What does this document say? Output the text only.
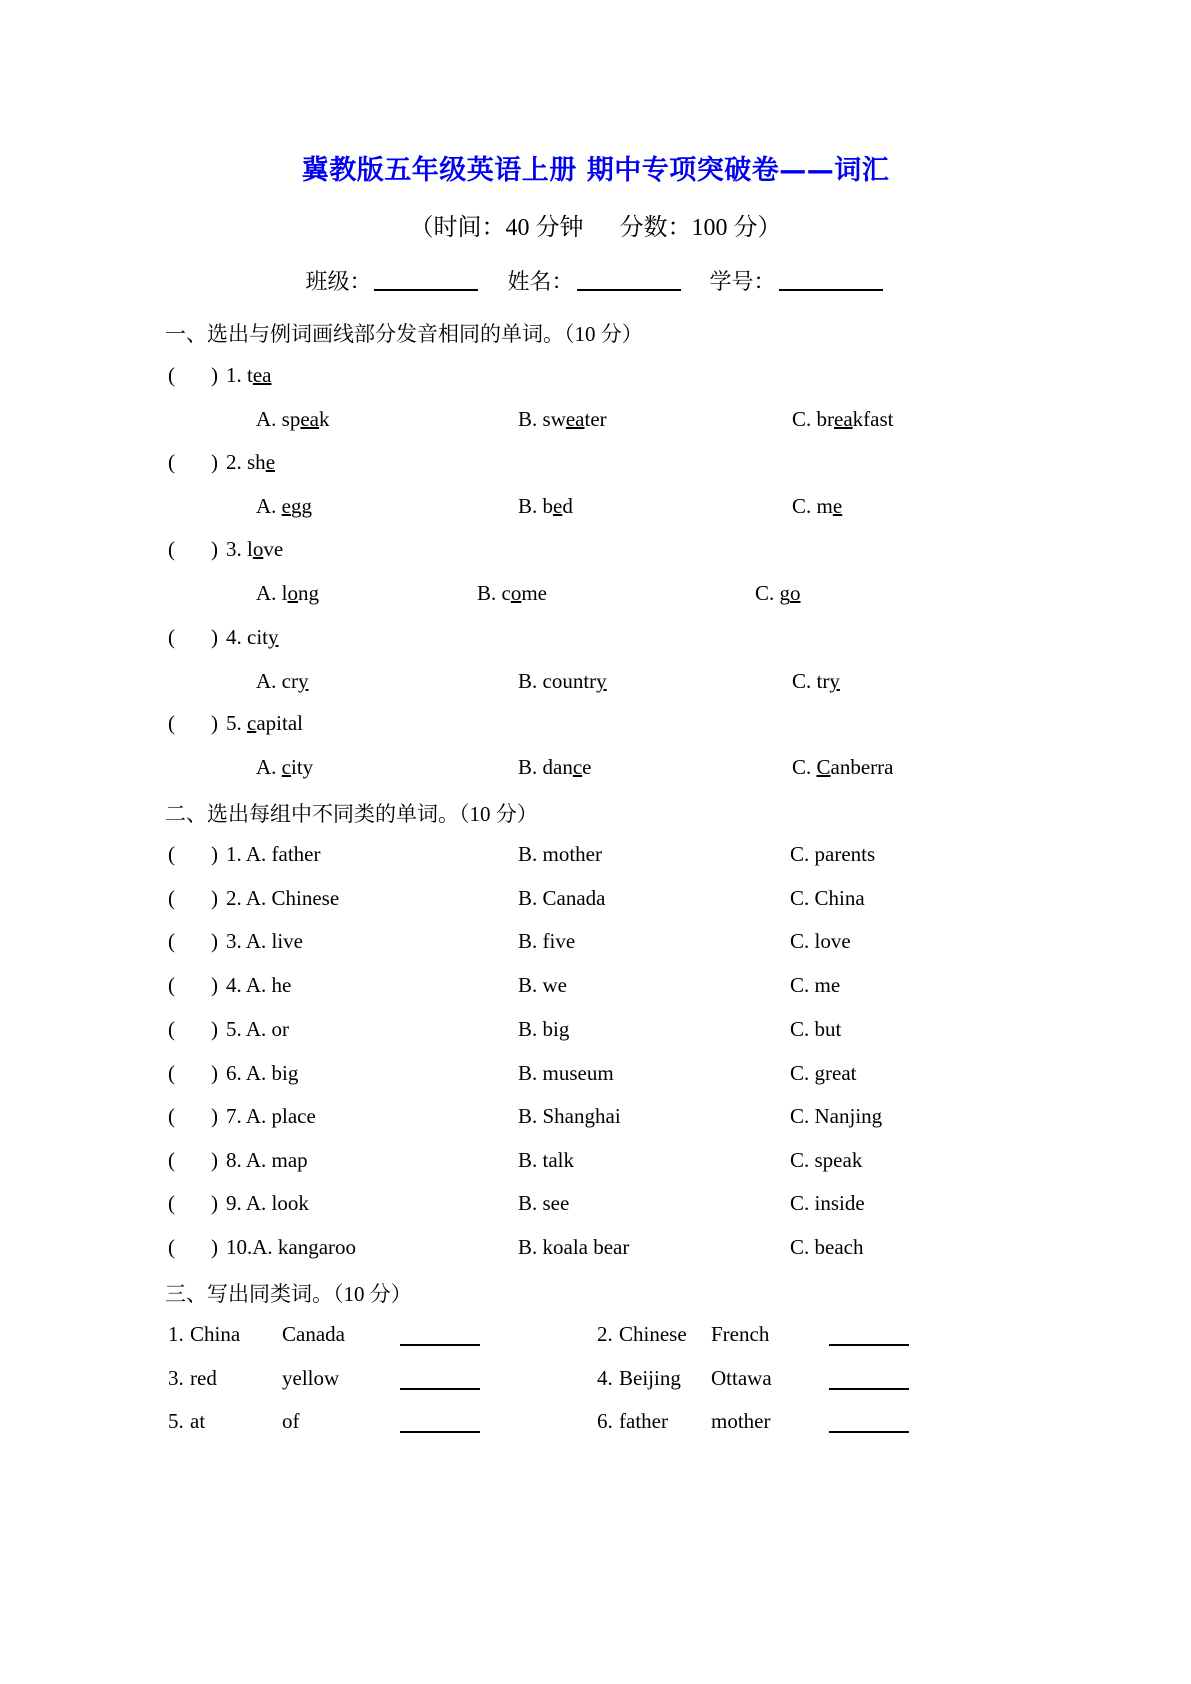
冀教版五年级英语上册 期中专项突破卷——词汇
（时间：40 分钟 分数：100 分）
班级：	姓名：	学号：
一、选出与例词画线部分发音相同的单词。（10 分）
( ) 1. tea
A. speak	B. sweater	C. breakfast
( ) 2. she
A. egg	B. bed	C. me
( ) 3. love
A. long	B. come	C. go
( ) 4. city
A. cry	B. country	C. try
( ) 5. capital
A. city	B. dance	C. Canberra
二、选出每组中不同类的单词。（10 分）
( ) 1. A. father	B. mother	C. parents
( ) 2. A. Chinese	B. Canada	C. China
( ) 3. A. live	B. five	C. love
( ) 4. A. he	B. we	C. me
( ) 5. A. or	B. big	C. but
( ) 6. A. big	B. museum	C. great
( ) 7. A. place	B. Shanghai	C. Nanjing
( ) 8. A. map	B. talk	C. speak
( ) 9. A. look	B. see	C. inside
( ) 10.A. kangaroo	B. koala bear	C. beach
三、写出同类词。（10 分）
1. China Canada	2. Chinese French
3. red	yellow	4. Beijing Ottawa
5. at	of	6. father mother
